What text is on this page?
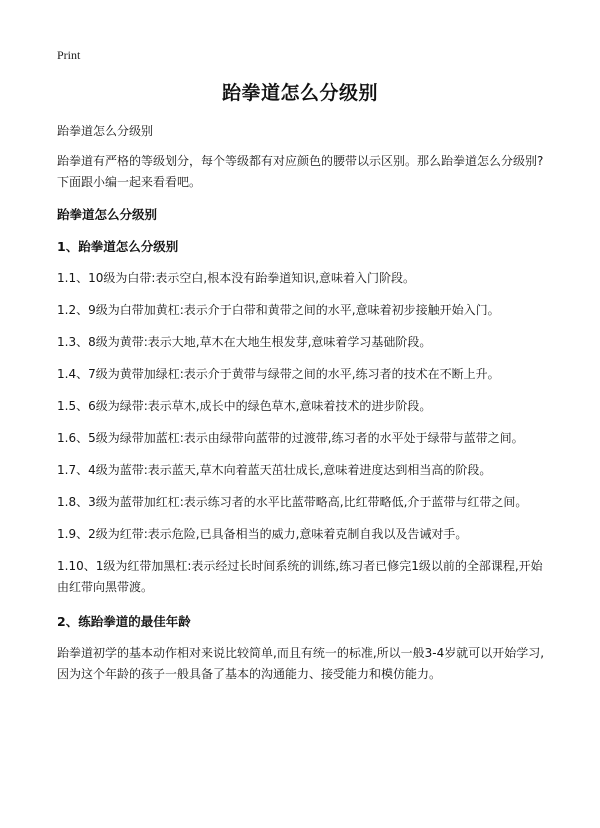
Print
跆拳道怎么分级别

跆拳道怎么分级别

跆拳道有严格的等级划分，每个等级都有对应颜色的腰带以示区别。那么跆拳道怎么分级别?下面跟小编一起来看看吧。

跆拳道怎么分级别

1、跆拳道怎么分级别

1.1、10级为白带:表示空白,根本没有跆拳道知识,意味着入门阶段。

1.2、9级为白带加黄杠:表示介于白带和黄带之间的水平,意味着初步接触开始入门。

1.3、8级为黄带:表示大地,草木在大地生根发芽,意味着学习基础阶段。

1.4、7级为黄带加绿杠:表示介于黄带与绿带之间的水平,练习者的技术在不断上升。

1.5、6级为绿带:表示草木,成长中的绿色草木,意味着技术的进步阶段。

1.6、5级为绿带加蓝杠:表示由绿带向蓝带的过渡带,练习者的水平处于绿带与蓝带之间。

1.7、4级为蓝带:表示蓝天,草木向着蓝天茁壮成长,意味着进度达到相当高的阶段。

1.8、3级为蓝带加红杠:表示练习者的水平比蓝带略高,比红带略低,介于蓝带与红带之间。

1.9、2级为红带:表示危险,已具备相当的威力,意味着克制自我以及告诫对手。

1.10、1级为红带加黑杠:表示经过长时间系统的训练,练习者已修完1级以前的全部课程,开始由红带向黑带渡。

2、练跆拳道的最佳年龄

跆拳道初学的基本动作相对来说比较简单,而且有统一的标准,所以一般3-4岁就可以开始学习,因为这个年龄的孩子一般具备了基本的沟通能力、接受能力和模仿能力。
